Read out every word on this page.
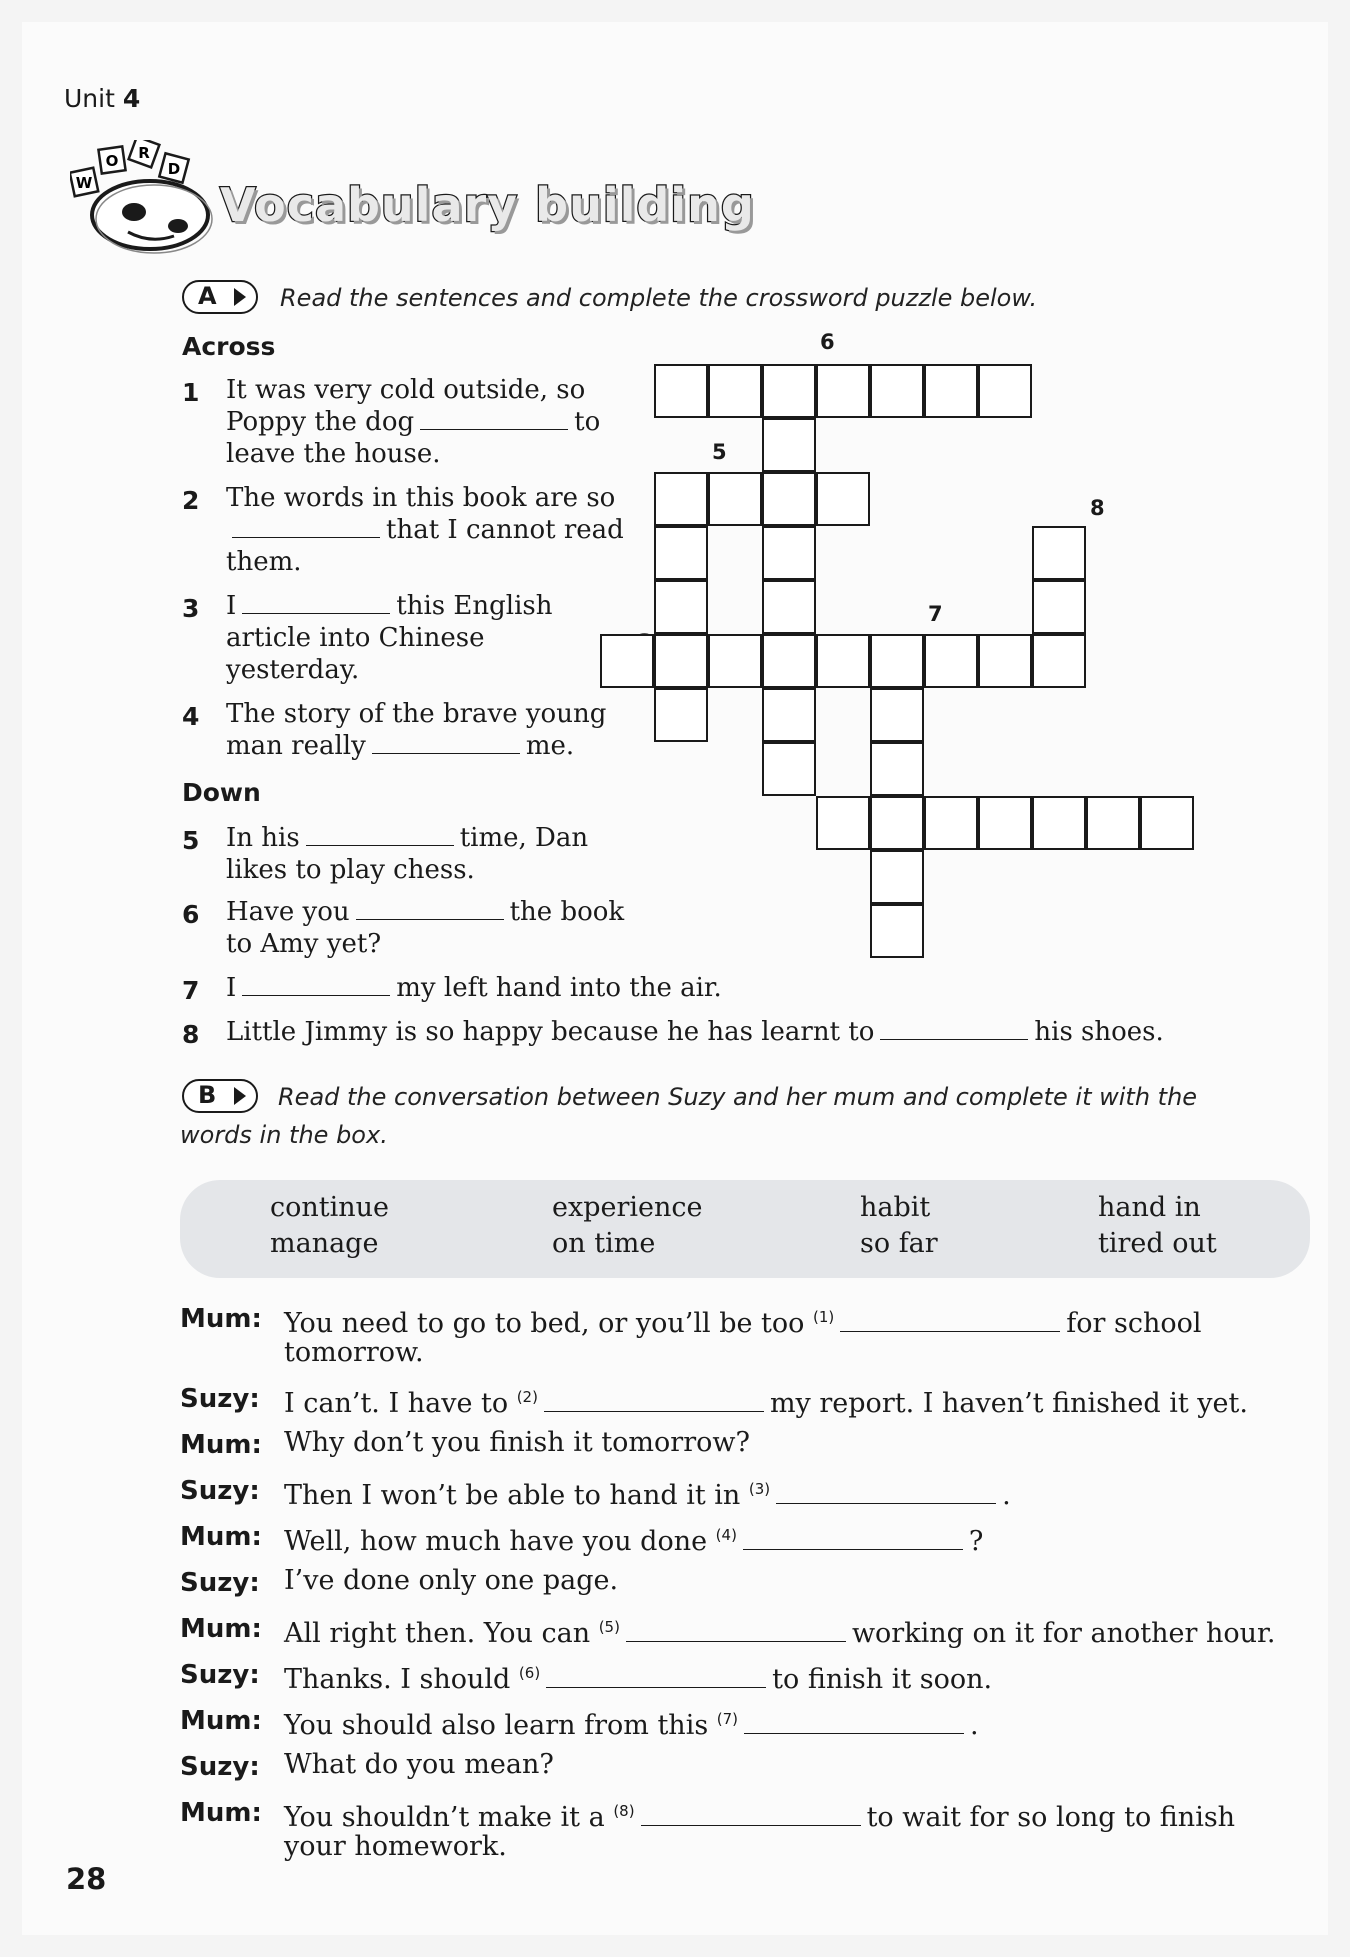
Unit 4
W
O R
D
Vocabulary building
A	Read the sentences and complete the crossword puzzle below.
Across
1 It was very cold outside, so Poppy the dog	to leave the house.
2 The words in this book are sothat I cannot read them.
3 I	this English article into Chinese yesterday.
4 The story of the brave young man really	me.
Down
5 In his	time, Dan likes to play chess.
6 Have you	the book to Amy yet?
7 I	my left hand into the air.
8 Little Jimmy is so happy because he has learnt to	his shoes.
6
5
8
7
B	Read the conversation between Suzy and her mum and complete it with the
words in the box.
continue	experience	habit	hand in
manage	on time	so far	tired out
Mum: You need to go to bed, or you’ll be too $^{(1)}$	for school
tomorrow.
Suzy: I can’t. I have to $^{(2)}$	my report. I haven’t finished it yet.
Mum: Why don’t you finish it tomorrow?
Suzy: Then I won’t be able to hand it in $^{(3)}$	.
Mum: Well, how much have you done $^{(4)}$	?
Suzy: I’ve done only one page.
Mum: All right then. You can $^{(5)}$	working on it for another hour.
Suzy: Thanks. I should $^{(6)}$	to finish it soon.
Mum: You should also learn from this $^{(7)}$	.
Suzy: What do you mean?
Mum: You shouldn’t make it a $^{(8)}$	to wait for so long to finish
your homework.
28
